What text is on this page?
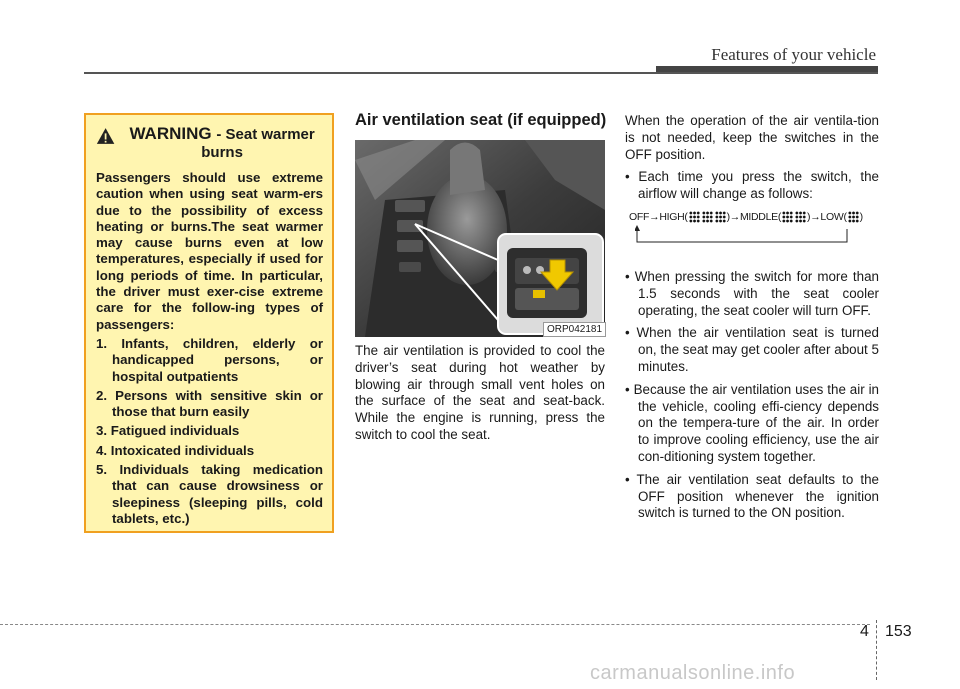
Features of your vehicle
WARNING - Seat warmer burns

Passengers should use extreme caution when using seat warm-ers due to the possibility of excess heating or burns.The seat warmer may cause burns even at low temperatures, especially if used for long periods of time. In particular, the driver must exer-cise extreme care for the follow-ing types of passengers:

1. Infants, children, elderly or handicapped persons, or hospital outpatients
2. Persons with sensitive skin or those that burn easily
3. Fatigued individuals
4. Intoxicated individuals
5. Individuals taking medication that can cause drowsiness or sleepiness (sleeping pills, cold tablets, etc.)
Air ventilation seat (if equipped)
ORP042181

The air ventilation is provided to cool the driver’s seat during hot weather by blowing air through small vent holes on the surface of the seat and seat-back. While the engine is running, press the switch to cool the seat.

When the operation of the air ventila-tion is not needed, keep the switches in the OFF position.

• Each time you press the switch, the airflow will change as follows:
OFF→HIGH(	)→MIDDLE( )→LOW( )
• When pressing the switch for more than 1.5 seconds with the seat cooler operating, the seat cooler will turn OFF.
• When the air ventilation seat is turned on, the seat may get cooler after about 5 minutes.
• Because the air ventilation uses the air in the vehicle, cooling effi-ciency depends on the tempera-ture of the air. In order to improve cooling efficiency, use the air con-ditioning system together.
• The air ventilation seat defaults to the OFF position whenever the ignition switch is turned to the ON position.
4 153
carmanualsonline.info
